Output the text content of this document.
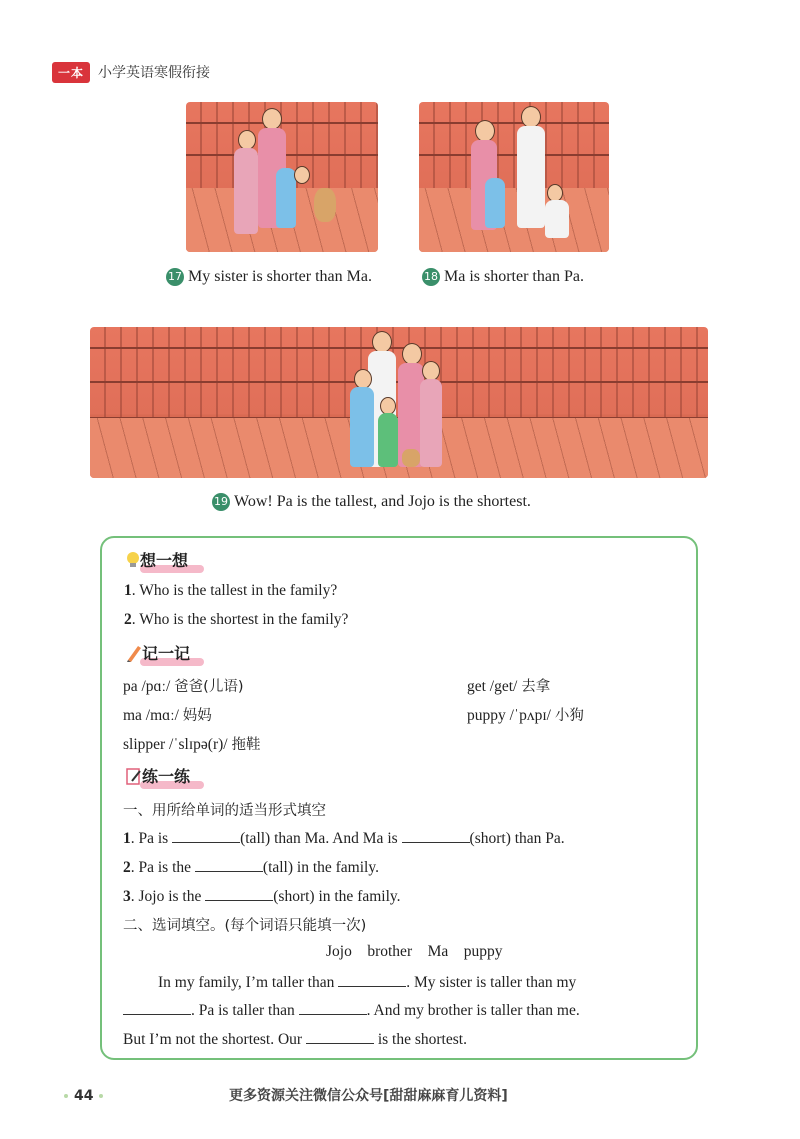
一本	小学英语寒假衔接
17 My sister is shorter than Ma.	18 Ma is shorter than Pa.
19 Wow! Pa is the tallest, and Jojo is the shortest.
想一想
1. Who is the tallest in the family?
2. Who is the shortest in the family?
记一记
pa /pɑː/ 爸爸(儿语)	get /get/ 去拿
ma /mɑː/ 妈妈	puppy /ˈpʌpɪ/ 小狗
slipper /ˈslɪpə(r)/ 拖鞋
练一练
一、用所给单词的适当形式填空
1. Pa is	(tall) than Ma. And Ma is	(short) than Pa.
2. Pa is the	(tall) in the family.
3. Jojo is the	(short) in the family.
二、选词填空。(每个词语只能填一次)
Jojo brother Ma puppy
In my family, I’m taller than	. My sister is taller than my
. Pa is taller than	. And my brother is taller than me.
But I’m not the shortest. Our	is the shortest.
44	更多资源关注微信公众号[甜甜麻麻育儿资料]
